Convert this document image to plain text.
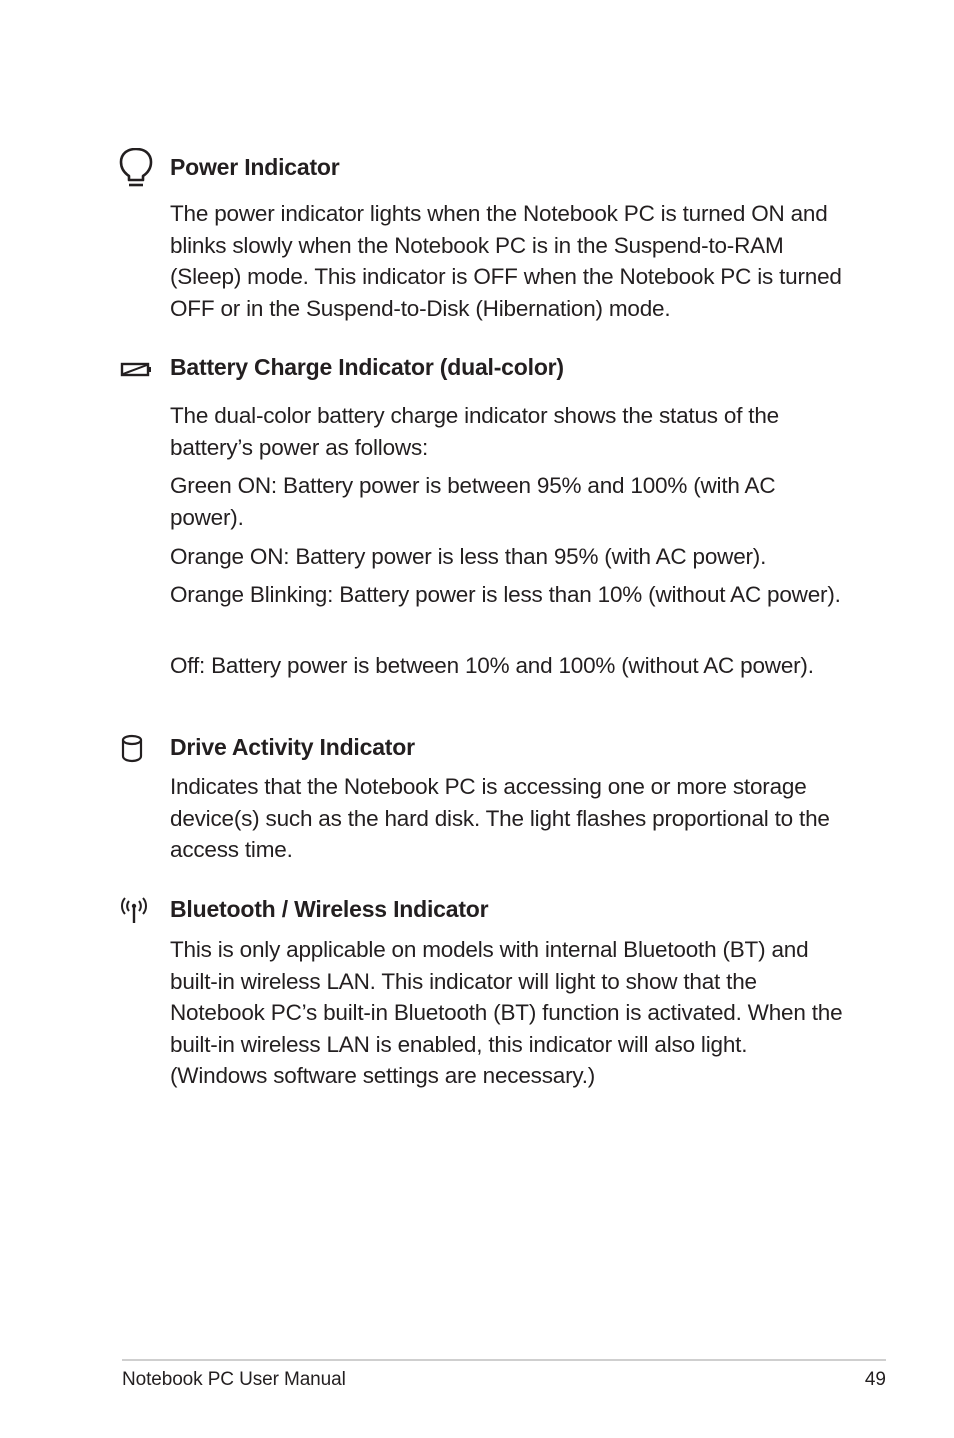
Power Indicator

The power indicator lights when the Notebook PC is turned ON and blinks slowly when the Notebook PC is in the Suspend-to-RAM (Sleep) mode. This indicator is OFF when the Notebook PC is turned OFF or in the Suspend-to-Disk (Hibernation) mode.

Battery Charge Indicator (dual-color)

The dual-color battery charge indicator shows the status of the battery’s power as follows:

Green ON: Battery power is between 95% and 100% (with AC power).

Orange ON: Battery power is less than 95% (with AC power).

Orange Blinking: Battery power is less than 10% (without AC power).

Off: Battery power is between 10% and 100% (without AC power).

Drive Activity Indicator

Indicates that the Notebook PC is accessing one or more storage device(s) such as the hard disk. The light flashes proportional to the access time.

Bluetooth / Wireless Indicator

This is only applicable on models with internal Bluetooth (BT) and built-in wireless LAN. This indicator will light to show that the Notebook PC’s built-in Bluetooth (BT) function is activated. When the built-in wireless LAN is enabled, this indicator will also light. (Windows software settings are necessary.)

Notebook PC User Manual	49
